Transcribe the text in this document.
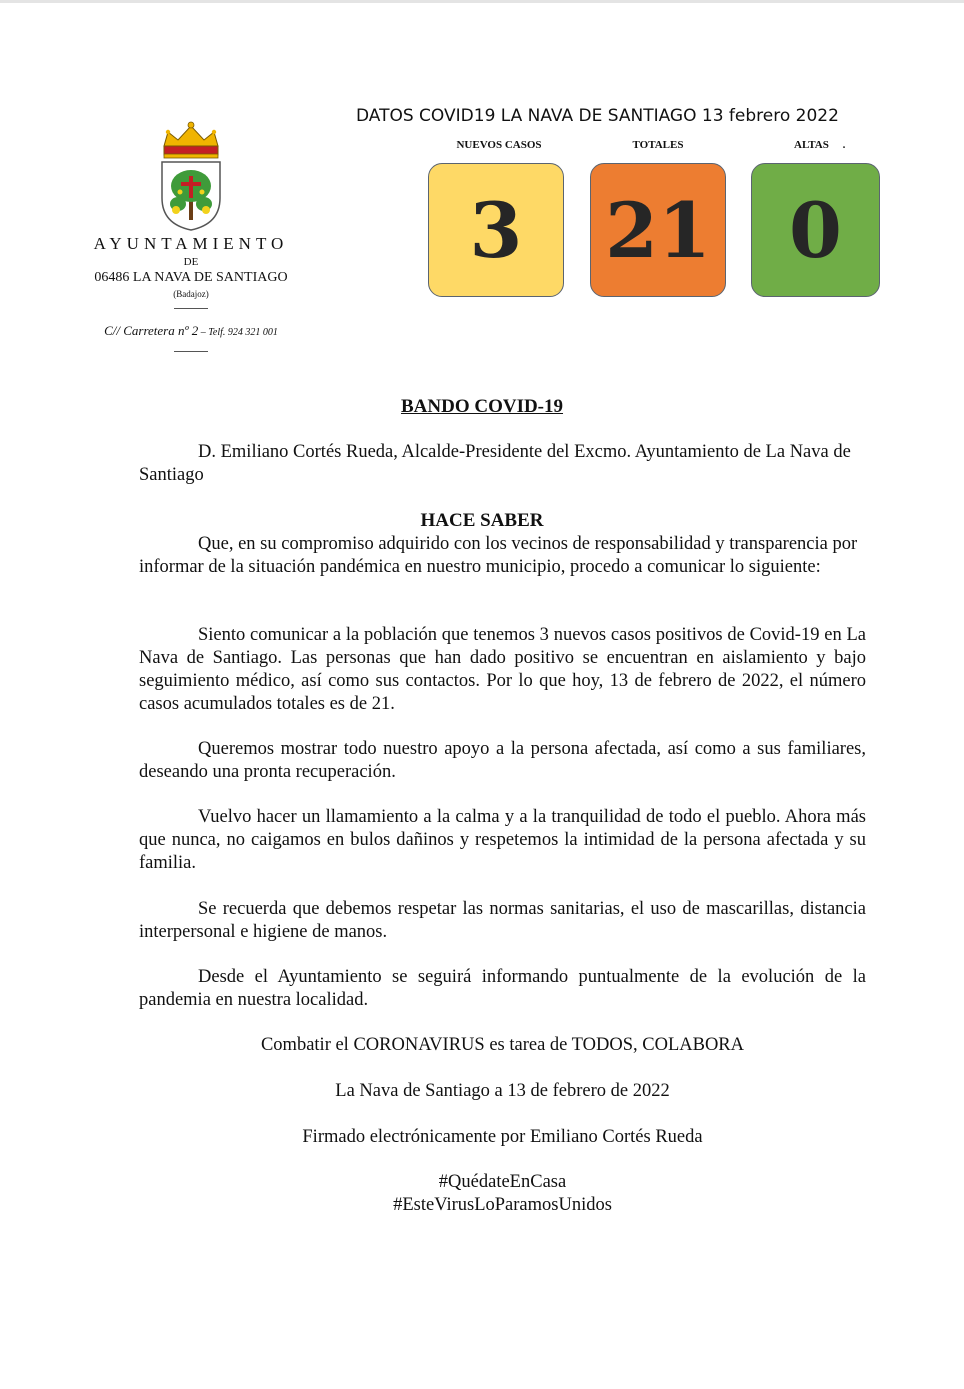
AYUNTAMIENTO
DE
06486 LA NAVA DE SANTIAGO
(Badajoz)
C// Carretera nº 2 – Telf. 924 321 001
DATOS COVID19 LA NAVA DE SANTIAGO 13 febrero 2022
NUEVOS CASOS	TOTALES	ALTAS     .
3 21 0
BANDO COVID-19

D. Emiliano Cortés Rueda, Alcalde-Presidente del Excmo. Ayuntamiento de La Nava de Santiago

HACE SABER

Que, en su compromiso adquirido con los vecinos de responsabilidad y transparencia por informar de la situación pandémica en nuestro municipio, procedo a comunicar lo siguiente:

Siento comunicar a la población que tenemos 3 nuevos casos positivos de Covid-19 en La Nava de Santiago. Las personas que han dado positivo se encuentran en aislamiento y bajo seguimiento médico, así como sus contactos. Por lo que hoy, 13 de febrero de 2022, el número casos acumulados totales es de 21.

Queremos mostrar todo nuestro apoyo a la persona afectada, así como a sus familiares, deseando una pronta recuperación.

Vuelvo hacer un llamamiento a la calma y a la tranquilidad de todo el pueblo. Ahora más que nunca, no caigamos en bulos dañinos y respetemos la intimidad de la persona afectada y su familia.

Se recuerda que debemos respetar las normas sanitarias, el uso de mascarillas, distancia interpersonal e higiene de manos.

Desde el Ayuntamiento se seguirá informando puntualmente de la evolución de la pandemia en nuestra localidad.

Combatir el CORONAVIRUS es tarea de TODOS, COLABORA
La Nava de Santiago a 13 de febrero de 2022
Firmado electrónicamente por Emiliano Cortés Rueda
#QuédateEnCasa
#EsteVirusLoParamosUnidos
